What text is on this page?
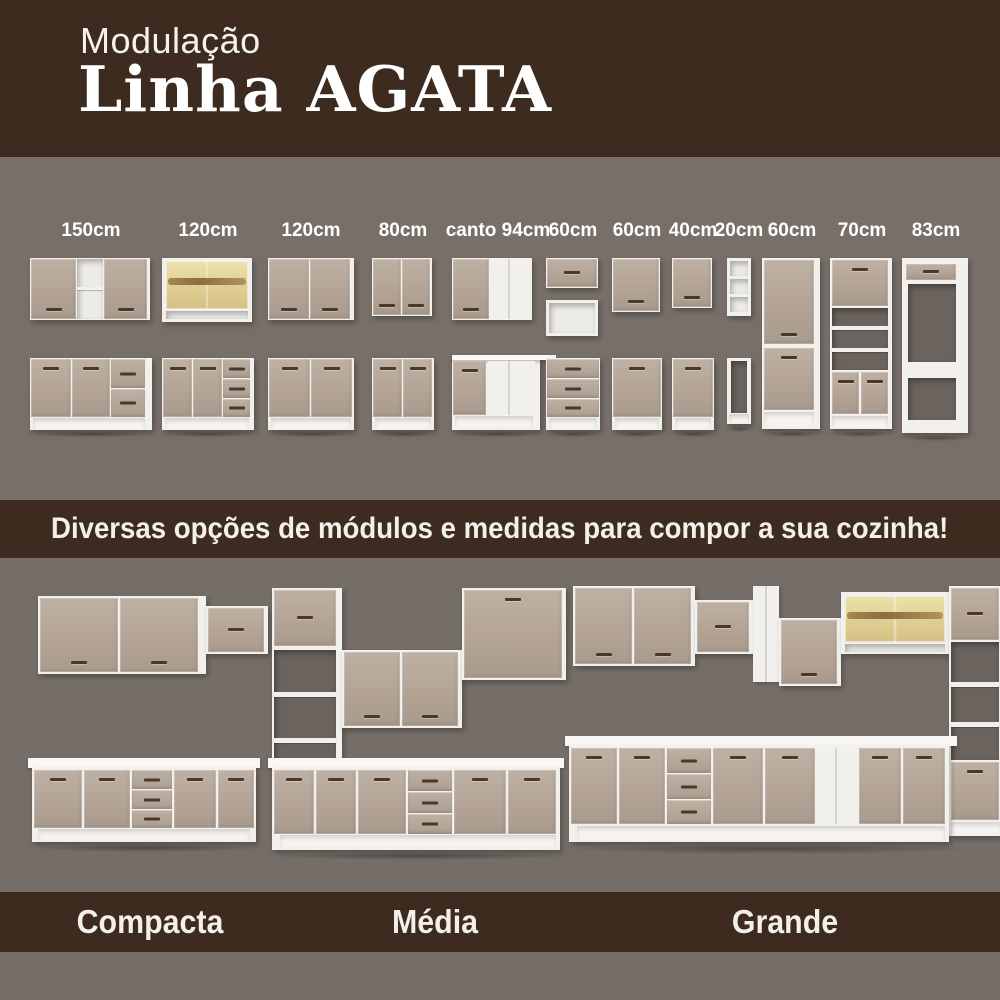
Modulação
Linha AGATA
150cm	120cm 120cm 80cm canto 94cm
60cm 60cm 40cm
20cm 60cm 70cm 83cm
Diversas opções de módulos e medidas para compor a sua cozinha!
Compacta	Média	Grande
